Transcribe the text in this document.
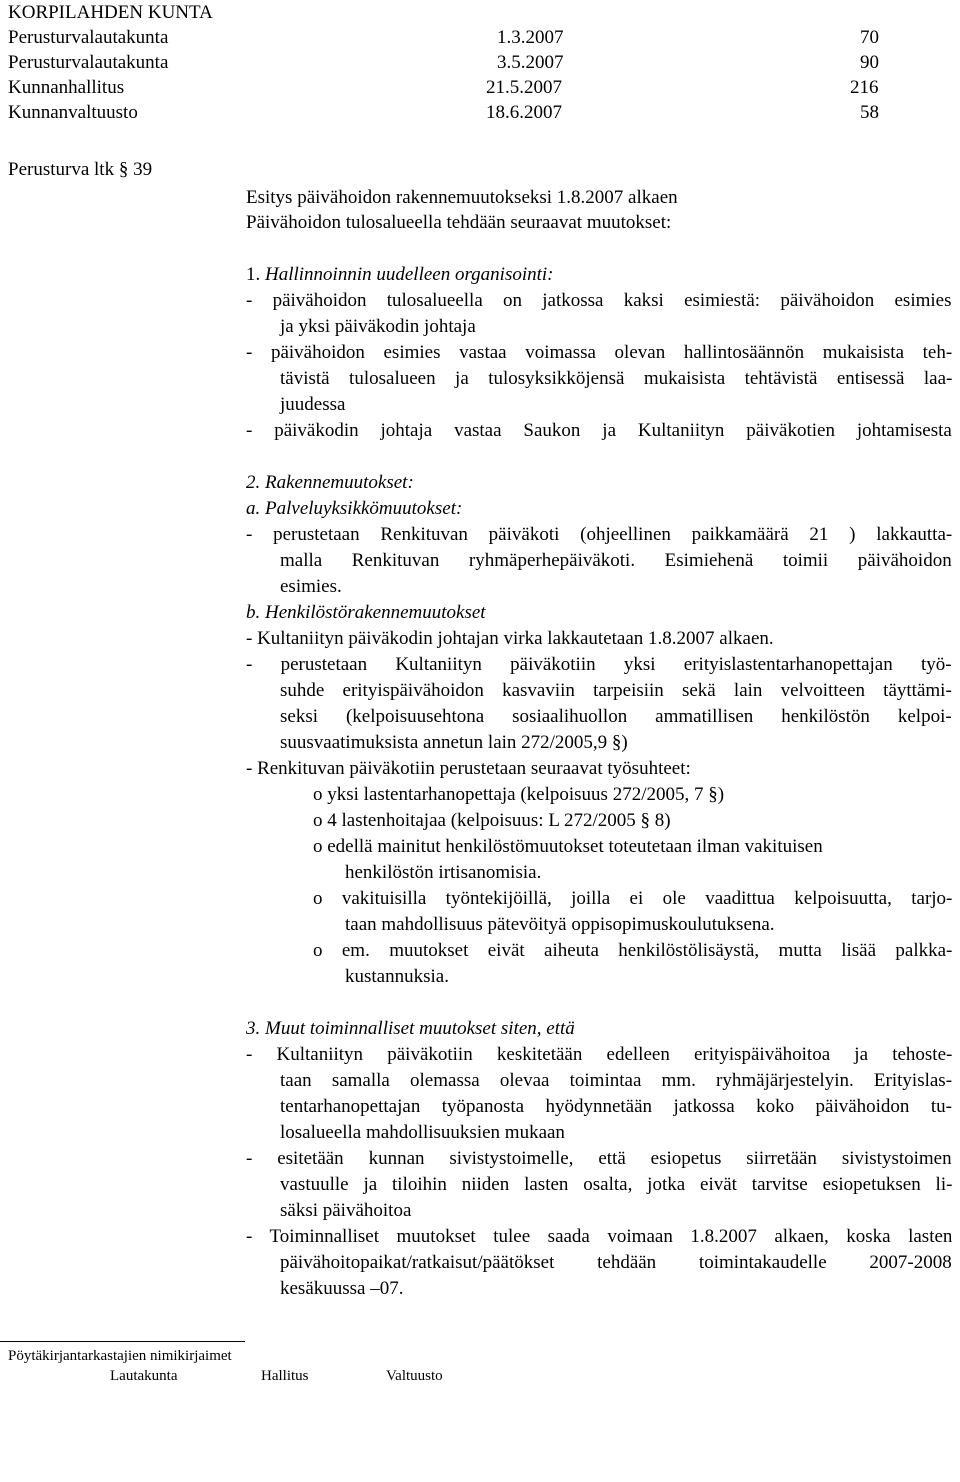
KORPILAHDEN KUNTA
Perusturvalautakunta	1.3.2007	70
Perusturvalautakunta	3.5.2007	90
Kunnanhallitus	21.5.2007	216
Kunnanvaltuusto	18.6.2007	58
Perusturva ltk § 39
Esitys päivähoidon rakennemuutokseksi 1.8.2007 alkaen
Päivähoidon tulosalueella tehdään seuraavat muutokset:
1. Hallinnoinnin uudelleen organisointi:
- päivähoidon tulosalueella on jatkossa kaksi esimiestä: päivähoidon esimies
ja yksi päiväkodin johtaja
- päivähoidon esimies vastaa voimassa olevan hallintosäännön mukaisista teh-
tävistä tulosalueen ja tulosyksikköjensä mukaisista tehtävistä entisessä laa-
juudessa
- päiväkodin johtaja vastaa Saukon ja Kultaniityn päiväkotien johtamisesta
2. Rakennemuutokset:
a. Palveluyksikkömuutokset:
- perustetaan Renkituvan päiväkoti (ohjeellinen paikkamäärä 21 ) lakkautta-
malla Renkituvan ryhmäperhepäiväkoti. Esimiehenä toimii päivähoidon
esimies.
b. Henkilöstörakennemuutokset
- Kultaniityn päiväkodin johtajan virka lakkautetaan 1.8.2007 alkaen.
- perustetaan Kultaniityn päiväkotiin yksi erityislastentarhanopettajan työ-
suhde erityispäivähoidon kasvaviin tarpeisiin sekä lain velvoitteen täyttämi-
seksi (kelpoisuusehtona sosiaalihuollon ammatillisen henkilöstön kelpoi-
suusvaatimuksista annetun lain 272/2005,9 §)
- Renkituvan päiväkotiin perustetaan seuraavat työsuhteet:
o yksi lastentarhanopettaja (kelpoisuus 272/2005, 7 §)
o 4 lastenhoitajaa (kelpoisuus: L 272/2005 § 8)
o edellä mainitut henkilöstömuutokset toteutetaan ilman vakituisen
henkilöstön irtisanomisia.
o vakituisilla työntekijöillä, joilla ei ole vaadittua kelpoisuutta, tarjo-
taan mahdollisuus pätevöityä oppisopimuskoulutuksena.
o em. muutokset eivät aiheuta henkilöstölisäystä, mutta lisää palkka-
kustannuksia.
3. Muut toiminnalliset muutokset siten, että
- Kultaniityn päiväkotiin keskitetään edelleen erityispäivähoitoa ja tehoste-
taan samalla olemassa olevaa toimintaa mm. ryhmäjärjestelyin. Erityislas-
tentarhanopettajan työpanosta hyödynnetään jatkossa koko päivähoidon tu-
losalueella mahdollisuuksien mukaan
- esitetään kunnan sivistystoimelle, että esiopetus siirretään sivistystoimen
vastuulle ja tiloihin niiden lasten osalta, jotka eivät tarvitse esiopetuksen li-
säksi päivähoitoa
- Toiminnalliset muutokset tulee saada voimaan 1.8.2007 alkaen, koska lasten
päivähoitopaikat/ratkaisut/päätökset tehdään toimintakaudelle 2007-2008
kesäkuussa –07.
Pöytäkirjantarkastajien nimikirjaimet
Lautakunta	Hallitus	Valtuusto
